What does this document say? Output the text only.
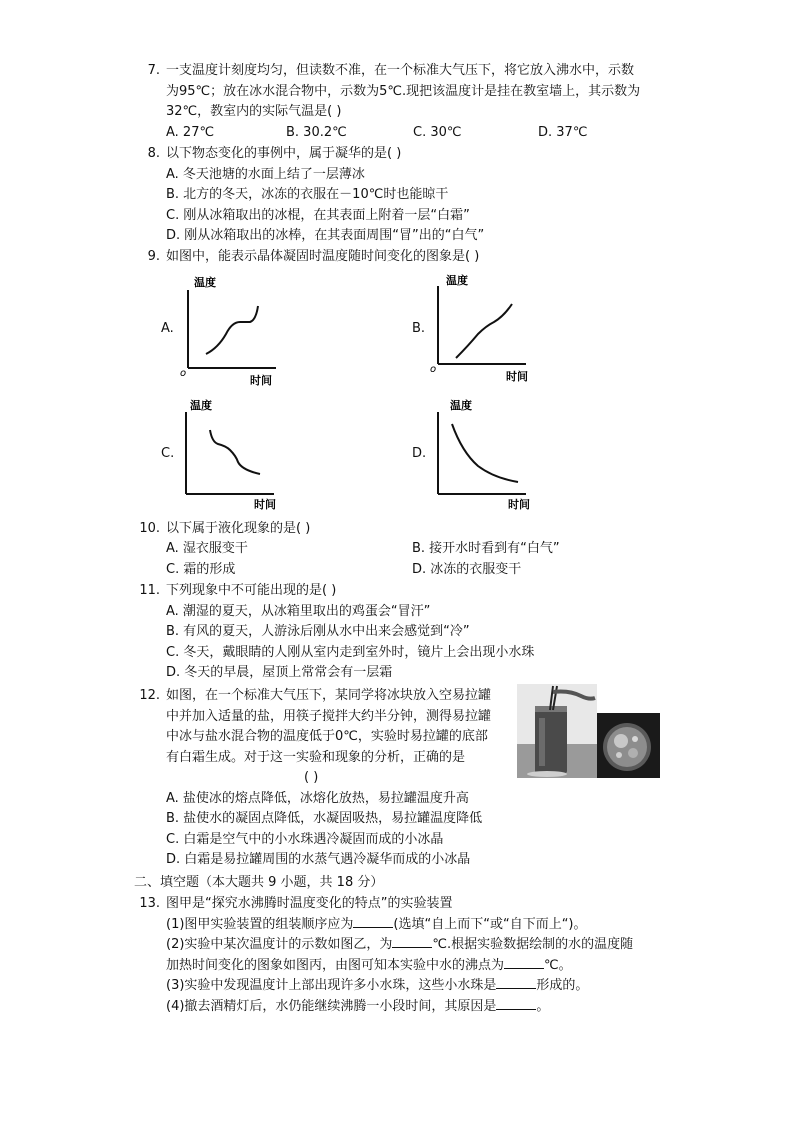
7. 一支温度计刻度均匀，但读数不准，在一个标准大气压下，将它放入沸水中，示数
为95℃；放在冰水混合物中，示数为5℃.现把该温度计是挂在教室墙上，其示数为
32℃，教室内的实际气温是( )
A. 27℃	B. 30.2℃	C. 30℃	D. 37℃
8. 以下物态变化的事例中，属于凝华的是( )
A. 冬天池塘的水面上结了一层薄冰
B. 北方的冬天，冰冻的衣服在－10℃时也能晾干
C. 刚从冰箱取出的冰棍，在其表面上附着一层“白霜”
D. 刚从冰箱取出的冰棒，在其表面周围“冒”出的“白气”
9. 如图中，能表示晶体凝固时温度随时间变化的图象是( )
A.
温度
时间
o
B.
温度
时间
o
C.
温度
时间
D.
温度
时间
10. 以下属于液化现象的是( )
A. 湿衣服变干	B. 接开水时看到有“白气”
C. 霜的形成	D. 冰冻的衣服变干
11. 下列现象中不可能出现的是( )
A. 潮湿的夏天，从冰箱里取出的鸡蛋会“冒汗”
B. 有风的夏天，人游泳后刚从水中出来会感觉到“冷”
C. 冬天，戴眼睛的人刚从室内走到室外时，镜片上会出现小水珠
D. 冬天的早晨，屋顶上常常会有一层霜
12. 如图，在一个标准大气压下，某同学将冰块放入空易拉罐
中并加入适量的盐，用筷子搅拌大约半分钟，测得易拉罐
中冰与盐水混合物的温度低于0℃，实验时易拉罐的底部
有白霜生成。对于这一实验和现象的分析，正确的是
( )
A. 盐使冰的熔点降低，冰熔化放热，易拉罐温度升高
B. 盐使水的凝固点降低，水凝固吸热，易拉罐温度降低
C. 白霜是空气中的小水珠遇冷凝固而成的小冰晶
D. 白霜是易拉罐周围的水蒸气遇冷凝华而成的小冰晶
二、填空题（本大题共 9 小题，共 18 分）
13. 图甲是“探究水沸腾时温度变化的特点”的实验装置
(1)图甲实验装置的组装顺序应为	(选填“自上而下“或“自下而上“)。
(2)实验中某次温度计的示数如图乙，为	℃.根据实验数据绘制的水的温度随
加热时间变化的图象如图丙，由图可知本实验中水的沸点为	℃。
(3)实验中发现温度计上部出现许多小水珠，这些小水珠是	形成的。
(4)撤去酒精灯后，水仍能继续沸腾一小段时间，其原因是	。
